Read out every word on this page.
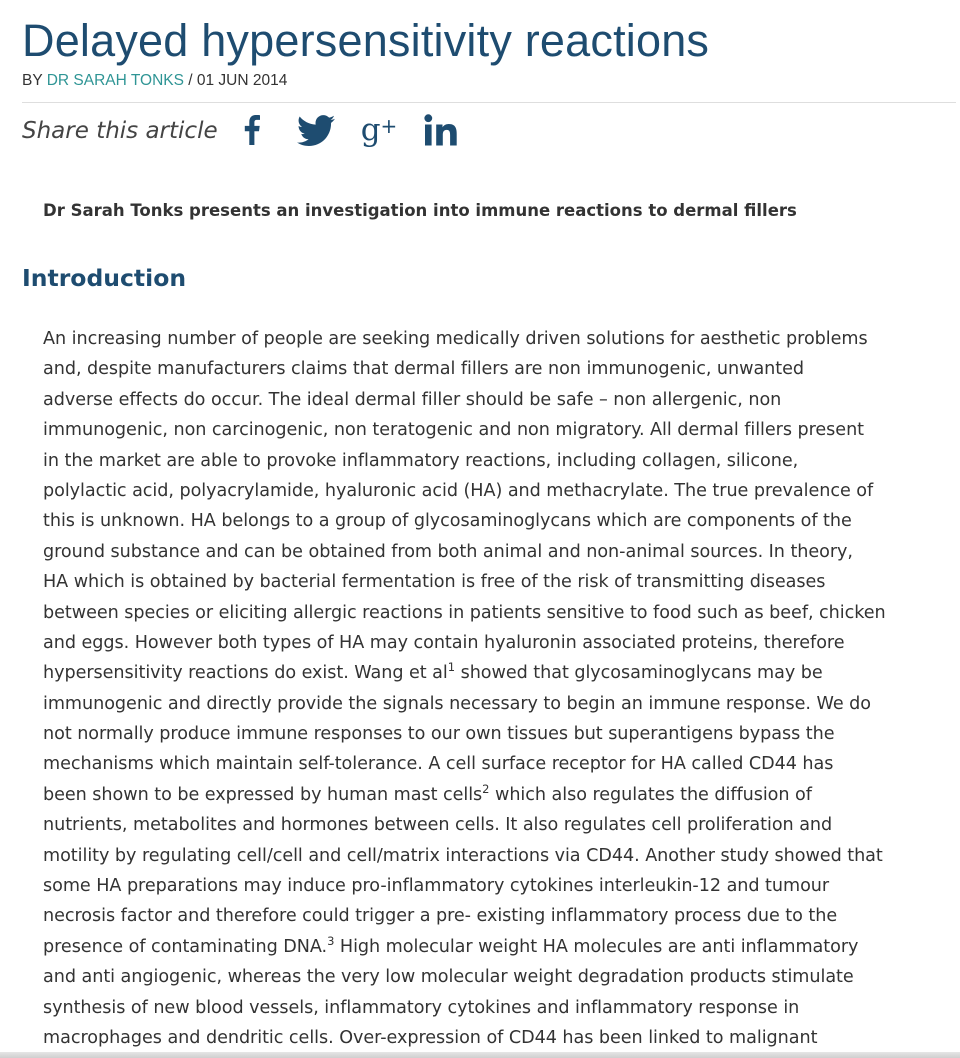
Delayed hypersensitivity reactions
BY DR SARAH TONKS / 01 JUN 2014
Share this article	g+

Dr Sarah Tonks presents an investigation into immune reactions to dermal fillers

Introduction
An increasing number of people are seeking medically driven solutions for aesthetic problems
and, despite manufacturers claims that dermal fillers are non immunogenic, unwanted
adverse effects do occur. The ideal dermal filler should be safe – non allergenic, non
immunogenic, non carcinogenic, non teratogenic and non migratory. All dermal fillers present
in the market are able to provoke inflammatory reactions, including collagen, silicone,
polylactic acid, polyacrylamide, hyaluronic acid (HA) and methacrylate. The true prevalence of
this is unknown. HA belongs to a group of glycosaminoglycans which are components of the
ground substance and can be obtained from both animal and non-animal sources. In theory,
HA which is obtained by bacterial fermentation is free of the risk of transmitting diseases
between species or eliciting allergic reactions in patients sensitive to food such as beef, chicken
and eggs. However both types of HA may contain hyaluronin associated proteins, therefore
hypersensitivity reactions do exist. Wang et $al^1$ showed that glycosaminoglycans may be
immunogenic and directly provide the signals necessary to begin an immune response. We do
not normally produce immune responses to our own tissues but superantigens bypass the
mechanisms which maintain self-tolerance. A cell surface receptor for HA called CD44 has
been shown to be expressed by human mast cells$^2$ which also regulates the diffusion of
nutrients, metabolites and hormones between cells. It also regulates cell proliferation and
motility by regulating cell/cell and cell/matrix interactions via CD44. Another study showed that
some HA preparations may induce pro-inflammatory cytokines interleukin-12 and tumour
necrosis factor and therefore could trigger a pre- existing inflammatory process due to the
presence of contaminating DNA.$^3$ High molecular weight HA molecules are anti inflammatory
and anti angiogenic, whereas the very low molecular weight degradation products stimulate
synthesis of new blood vessels, inflammatory cytokines and inflammatory response in
macrophages and dendritic cells. Over-expression of CD44 has been linked to malignant
